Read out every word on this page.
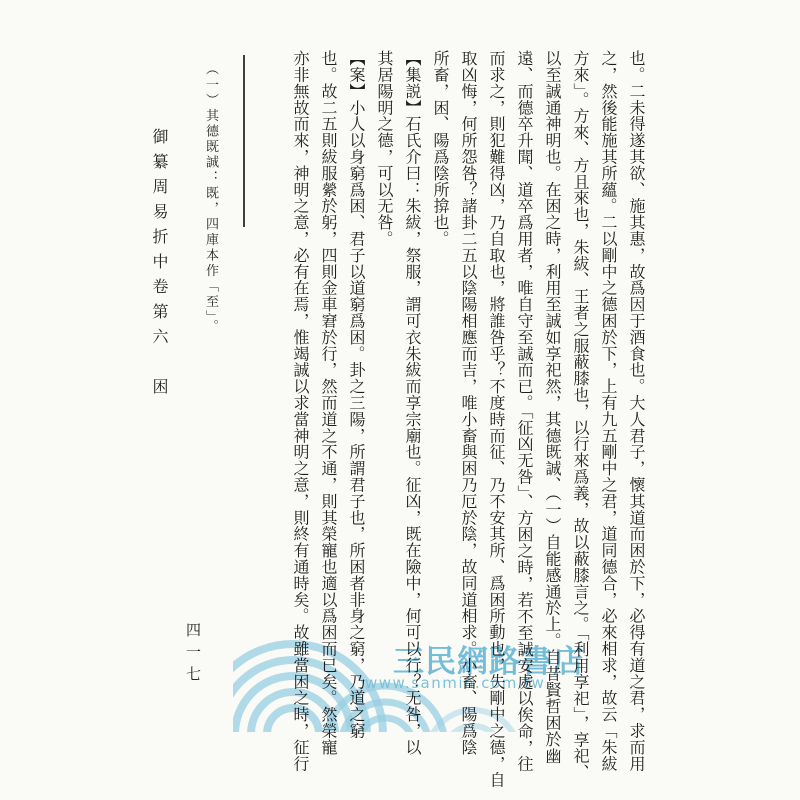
也。二未得遂其欲、施其惠，故爲因于酒食也。大人君子，懷其道而困於下，必得有道之君，求而用
之，然後能施其所蘊。二以剛中之德困於下，上有九五剛中之君，道同德合，必來相求，故云「朱紱
方來」。方來、方且來也，朱紱、王者之服蔽膝也，以行來爲義，故以蔽膝言之。「利用享祀」，享祀、
以至誠通神明也。在困之時，利用至誠如享祀然，其德既誠、（一）自能感通於上。自昔賢哲困於幽
遠、而德卒升聞、道卒爲用者，唯自守至誠而已。「征凶无咎」、方困之時，若不至誠安處以俟命，往
而求之，則犯難得凶，乃自取也，將誰咎乎？不度時而征、乃不安其所、爲困所動也，失剛中之德，自
取凶悔，何所怨咎？諸卦二五以陰陽相應而吉，唯小畜與困乃厄於陰，故同道相求。小畜、陽爲陰
所畜，困、陽爲陰所揜也。
【集説】石氏介曰：朱紱，祭服，謂可衣朱紱而享宗廟也。征凶，既在險中，何可以行？无咎，以
其居陽明之德，可以无咎。
【案】小人以身窮爲困、君子以道窮爲困。卦之三陽，所謂君子也，所困者非身之窮，乃道之窮
也。故二五則紱服縈於躬，四則金車窘於行，然而道之不通，則其榮寵也適以爲困而已矣。然榮寵
亦非無故而來，神明之意，必有在焉，惟竭誠以求當神明之意，則終有通時矣。故雖當困之時，征行
（一）其德既誠：既，四庫本作「至」。
御纂周易折中卷第六　困
四一七	三民網路書店
www.sanmin.com.tw
